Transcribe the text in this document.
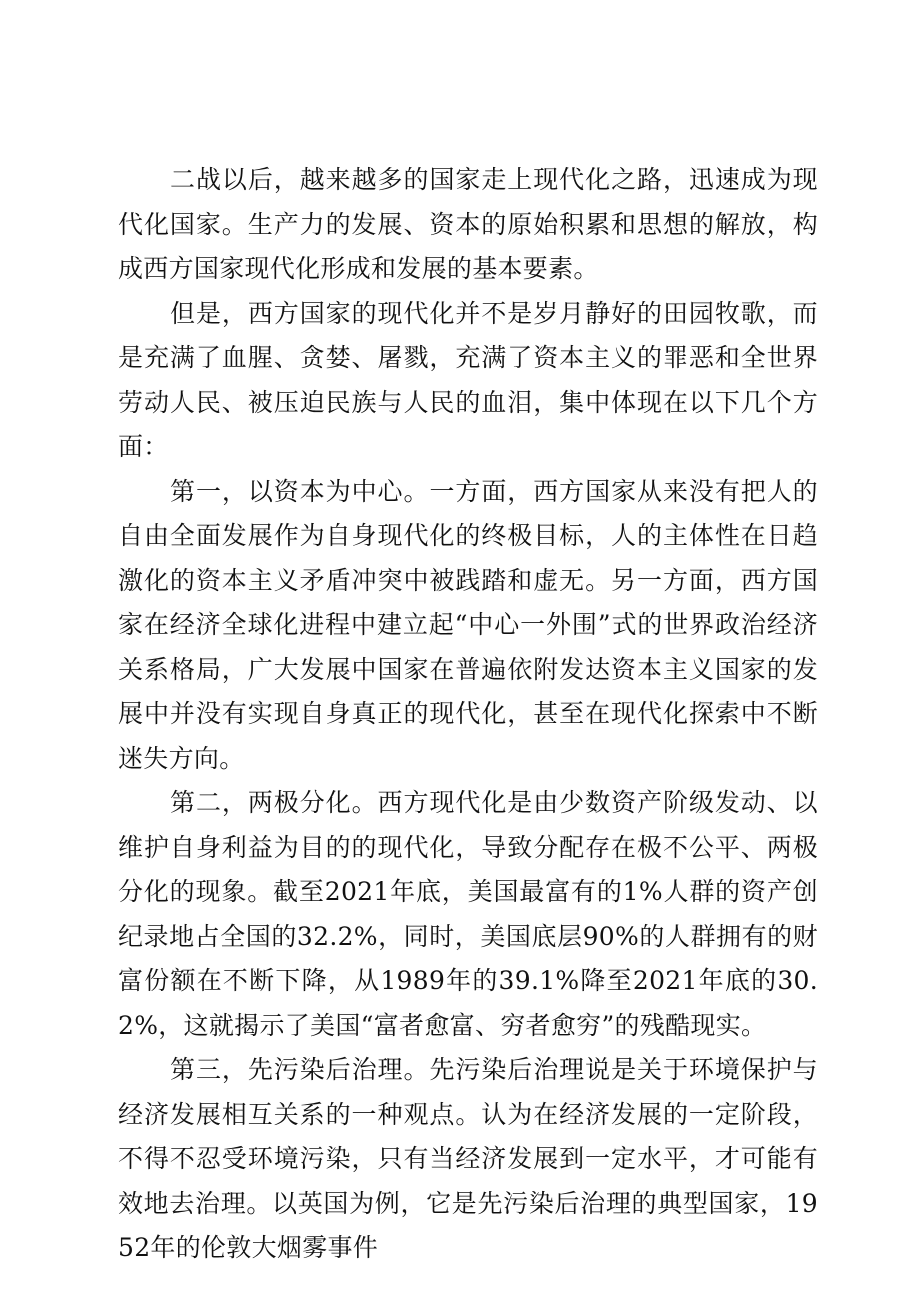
二战以后，越来越多的国家走上现代化之路，迅速成为现代化国家。生产力的发展、资本的原始积累和思想的解放，构成西方国家现代化形成和发展的基本要素。

但是，西方国家的现代化并不是岁月静好的田园牧歌，而是充满了血腥、贪婪、屠戮，充满了资本主义的罪恶和全世界劳动人民、被压迫民族与人民的血泪，集中体现在以下几个方面：

第一，以资本为中心。一方面，西方国家从来没有把人的自由全面发展作为自身现代化的终极目标，人的主体性在日趋激化的资本主义矛盾冲突中被践踏和虚无。另一方面，西方国家在经济全球化进程中建立起“中心一外围”式的世界政治经济关系格局，广大发展中国家在普遍依附发达资本主义国家的发展中并没有实现自身真正的现代化，甚至在现代化探索中不断迷失方向。

第二，两极分化。西方现代化是由少数资产阶级发动、以维护自身利益为目的的现代化，导致分配存在极不公平、两极分化的现象。截至2021年底，美国最富有的1%人群的资产创纪录地占全国的32.2%，同时，美国底层90%的人群拥有的财富份额在不断下降，从1989年的39.1%降至2021年底的30.2%，这就揭示了美国“富者愈富、穷者愈穷”的残酷现实。

第三，先污染后治理。先污染后治理说是关于环境保护与经济发展相互关系的一种观点。认为在经济发展的一定阶段，不得不忍受环境污染，只有当经济发展到一定水平，才可能有效地去治理。以英国为例，它是先污染后治理的典型国家，1952年的伦敦大烟雾事件
